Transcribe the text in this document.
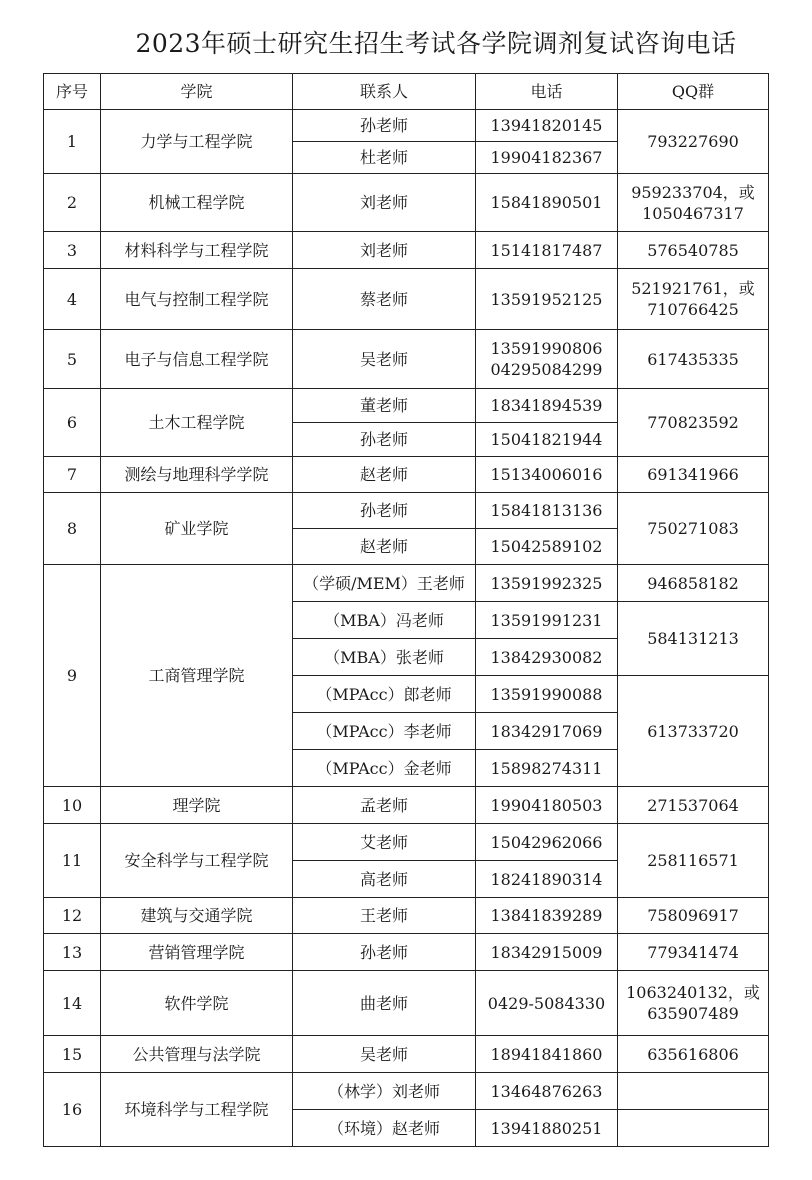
2023年硕士研究生招生考试各学院调剂复试咨询电话
序号	学院	联系人	电话	QQ群
1	力学与工程学院	孙老师	13941820145	793227690
		杜老师	19904182367	
2	机械工程学院	刘老师	15841890501	959233704，或
1050467317
3	材料科学与工程学院	刘老师	15141817487	576540785
4	电气与控制工程学院	蔡老师	13591952125	521921761，或
710766425
5	电子与信息工程学院	吴老师	13591990806
04295084299	617435335
6	土木工程学院	董老师	18341894539	770823592
		孙老师	15041821944	
7	测绘与地理科学学院	赵老师	15134006016	691341966
8	矿业学院	孙老师	15841813136	750271083
		赵老师	15042589102	
9	工商管理学院	（学硕/MEM）王老师	13591992325	946858182
		（MBA）冯老师	13591991231	584131213
		（MBA）张老师	13842930082	
		（MPAcc）郎老师	13591990088	613733720
		（MPAcc）李老师	18342917069	
		（MPAcc）金老师	15898274311	
10	理学院	孟老师	19904180503	271537064
11	安全科学与工程学院	艾老师	15042962066	258116571
		高老师	18241890314	
12	建筑与交通学院	王老师	13841839289	758096917
13	营销管理学院	孙老师	18342915009	779341474
14	软件学院	曲老师	0429-5084330	1063240132，或
635907489
15	公共管理与法学院	吴老师	18941841860	635616806
16	环境科学与工程学院	（林学）刘老师	13464876263	
		（环境）赵老师	13941880251	
